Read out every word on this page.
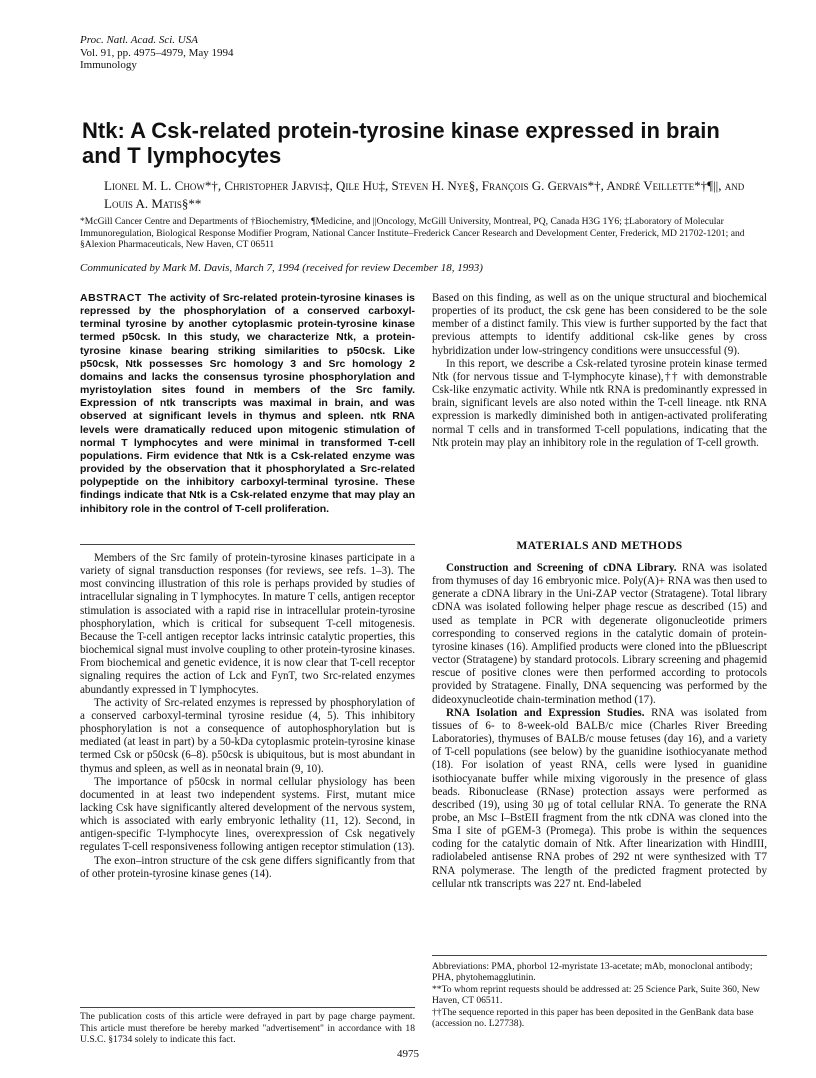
Proc. Natl. Acad. Sci. USA
Vol. 91, pp. 4975–4979, May 1994
Immunology
Ntk: A Csk-related protein-tyrosine kinase expressed in brain and T lymphocytes
Lionel M. L. Chow*†, Christopher Jarvis‡, Qile Hu‡, Steven H. Nye§, François G. Gervais*†, André Veillette*†¶||, and Louis A. Matis§**
*McGill Cancer Centre and Departments of †Biochemistry, ¶Medicine, and ||Oncology, McGill University, Montreal, PQ, Canada H3G 1Y6; ‡Laboratory of Molecular Immunoregulation, Biological Response Modifier Program, National Cancer Institute–Frederick Cancer Research and Development Center, Frederick, MD 21702-1201; and §Alexion Pharmaceuticals, New Haven, CT 06511
Communicated by Mark M. Davis, March 7, 1994 (received for review December 18, 1993)
ABSTRACT The activity of Src-related protein-tyrosine kinases is repressed by the phosphorylation of a conserved carboxyl-terminal tyrosine by another cytoplasmic protein-tyrosine kinase termed p50csk. In this study, we characterize Ntk, a protein-tyrosine kinase bearing striking similarities to p50csk. Like p50csk, Ntk possesses Src homology 3 and Src homology 2 domains and lacks the consensus tyrosine phosphorylation and myristoylation sites found in members of the Src family. Expression of ntk transcripts was maximal in brain, and was observed at significant levels in thymus and spleen. ntk RNA levels were dramatically reduced upon mitogenic stimulation of normal T lymphocytes and were minimal in transformed T-cell populations. Firm evidence that Ntk is a Csk-related enzyme was provided by the observation that it phosphorylated a Src-related polypeptide on the inhibitory carboxyl-terminal tyrosine. These findings indicate that Ntk is a Csk-related enzyme that may play an inhibitory role in the control of T-cell proliferation.

Members of the Src family of protein-tyrosine kinases participate in a variety of signal transduction responses (for reviews, see refs. 1–3). The most convincing illustration of this role is perhaps provided by studies of intracellular signaling in T lymphocytes. In mature T cells, antigen receptor stimulation is associated with a rapid rise in intracellular protein-tyrosine phosphorylation, which is critical for subsequent T-cell mitogenesis. Because the T-cell antigen receptor lacks intrinsic catalytic properties, this biochemical signal must involve coupling to other protein-tyrosine kinases. From biochemical and genetic evidence, it is now clear that T-cell receptor signaling requires the action of Lck and FynT, two Src-related enzymes abundantly expressed in T lymphocytes.

The activity of Src-related enzymes is repressed by phosphorylation of a conserved carboxyl-terminal tyrosine residue (4, 5). This inhibitory phosphorylation is not a consequence of autophosphorylation but is mediated (at least in part) by a 50-kDa cytoplasmic protein-tyrosine kinase termed Csk or p50csk (6–8). p50csk is ubiquitous, but is most abundant in thymus and spleen, as well as in neonatal brain (9, 10).

The importance of p50csk in normal cellular physiology has been documented in at least two independent systems. First, mutant mice lacking Csk have significantly altered development of the nervous system, which is associated with early embryonic lethality (11, 12). Second, in antigen-specific T-lymphocyte lines, overexpression of Csk negatively regulates T-cell responsiveness following antigen receptor stimulation (13).

The exon–intron structure of the csk gene differs significantly from that of other protein-tyrosine kinase genes (14).

Based on this finding, as well as on the unique structural and biochemical properties of its product, the csk gene has been considered to be the sole member of a distinct family. This view is further supported by the fact that previous attempts to identify additional csk-like genes by cross hybridization under low-stringency conditions were unsuccessful (9).

In this report, we describe a Csk-related tyrosine protein kinase termed Ntk (for nervous tissue and T-lymphocyte kinase),†† with demonstrable Csk-like enzymatic activity. While ntk RNA is predominantly expressed in brain, significant levels are also noted within the T-cell lineage. ntk RNA expression is markedly diminished both in antigen-activated proliferating normal T cells and in transformed T-cell populations, indicating that the Ntk protein may play an inhibitory role in the regulation of T-cell growth.

MATERIALS AND METHODS

Construction and Screening of cDNA Library. RNA was isolated from thymuses of day 16 embryonic mice. Poly(A)+ RNA was then used to generate a cDNA library in the Uni-ZAP vector (Stratagene). Total library cDNA was isolated following helper phage rescue as described (15) and used as template in PCR with degenerate oligonucleotide primers corresponding to conserved regions in the catalytic domain of protein-tyrosine kinases (16). Amplified products were cloned into the pBluescript vector (Stratagene) by standard protocols. Library screening and phagemid rescue of positive clones were then performed according to protocols provided by Stratagene. Finally, DNA sequencing was performed by the dideoxynucleotide chain-termination method (17).

RNA Isolation and Expression Studies. RNA was isolated from tissues of 6- to 8-week-old BALB/c mice (Charles River Breeding Laboratories), thymuses of BALB/c mouse fetuses (day 16), and a variety of T-cell populations (see below) by the guanidine isothiocyanate method (18). For isolation of yeast RNA, cells were lysed in guanidine isothiocyanate buffer while mixing vigorously in the presence of glass beads. Ribonuclease (RNase) protection assays were performed as described (19), using 30 μg of total cellular RNA. To generate the RNA probe, an Msc I–BstEII fragment from the ntk cDNA was cloned into the Sma I site of pGEM-3 (Promega). This probe is within the sequences coding for the catalytic domain of Ntk. After linearization with HindIII, radiolabeled antisense RNA probes of 292 nt were synthesized with T7 RNA polymerase. The length of the predicted fragment protected by cellular ntk transcripts was 227 nt. End-labeled

Abbreviations: PMA, phorbol 12-myristate 13-acetate; mAb, monoclonal antibody; PHA, phytohemagglutinin.
**To whom reprint requests should be addressed at: 25 Science Park, Suite 360, New Haven, CT 06511.
††The sequence reported in this paper has been deposited in the GenBank data base (accession no. L27738).
The publication costs of this article were defrayed in part by page charge payment. This article must therefore be hereby marked "advertisement" in accordance with 18 U.S.C. §1734 solely to indicate this fact.
4975
